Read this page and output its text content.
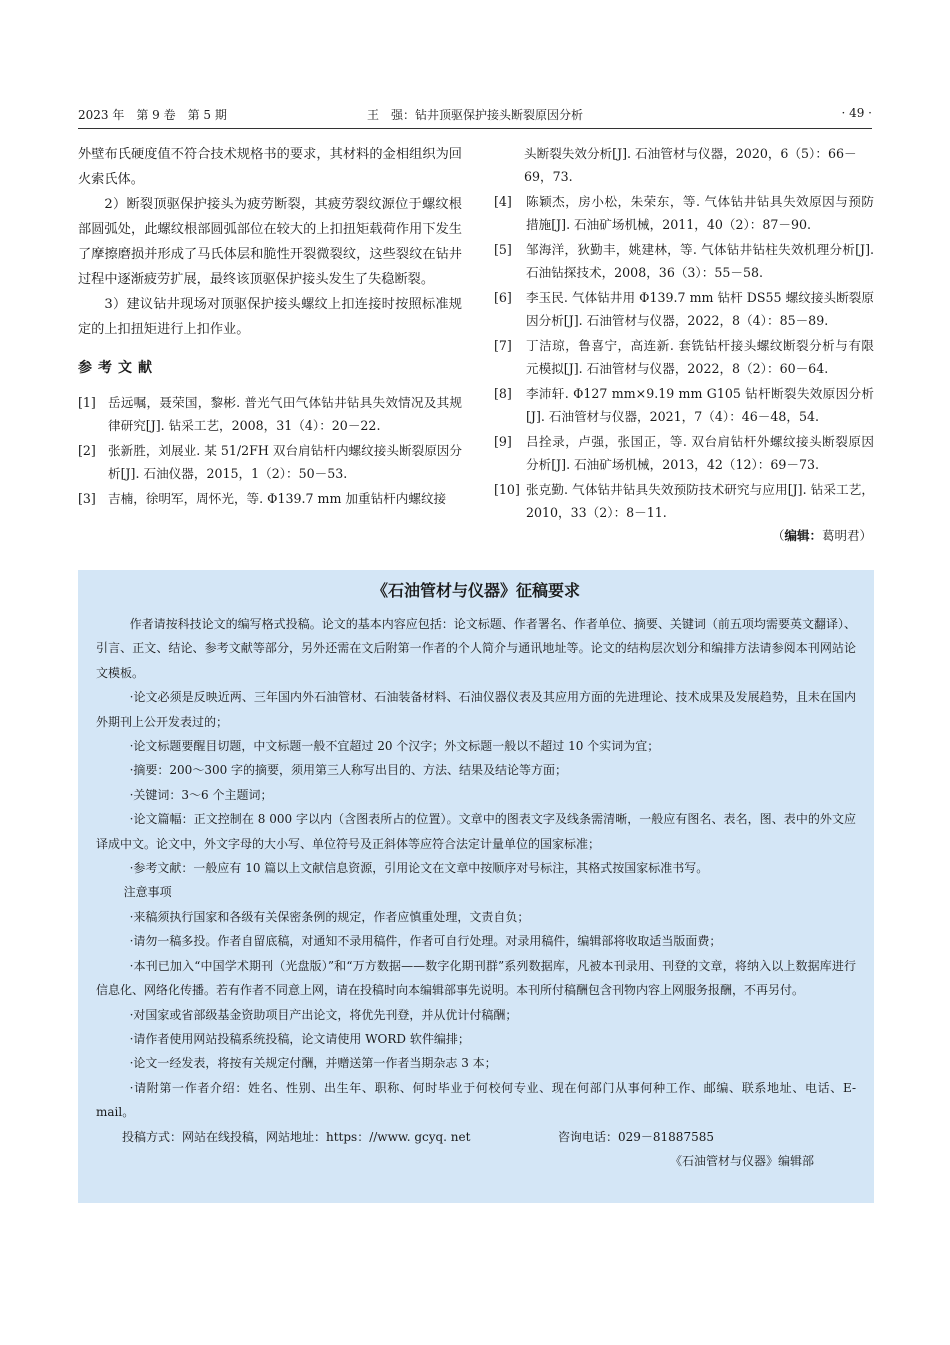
2023 年　第 9 卷　第 5 期	王　强：钻井顶驱保护接头断裂原因分析	· 49 ·

外壁布氏硬度值不符合技术规格书的要求，其材料的金相组织为回火索氏体。

2）断裂顶驱保护接头为疲劳断裂，其疲劳裂纹源位于螺纹根部圆弧处，此螺纹根部圆弧部位在较大的上扣扭矩载荷作用下发生了摩擦磨损并形成了马氏体层和脆性开裂微裂纹，这些裂纹在钻井过程中逐渐疲劳扩展，最终该顶驱保护接头发生了失稳断裂。

3）建议钻井现场对顶驱保护接头螺纹上扣连接时按照标准规定的上扣扭矩进行上扣作业。

参考文献
[1] 岳远嘱，聂荣国，黎彬. 普光气田气体钻井钻具失效情况及其规律研究[J]. 钻采工艺，2008，31（4）：20－22.
[2] 张新胜，刘展业. 某 51/2FH 双台肩钻杆内螺纹接头断裂原因分析[J]. 石油仪器，2015，1（2）：50－53.
[3] 吉楠，徐明军，周怀光，等. Φ139.7 mm 加重钻杆内螺纹接
头断裂失效分析[J]. 石油管材与仪器，2020，6（5）：66－69，73.
[4] 陈颖杰，房小松，朱荣东，等. 气体钻井钻具失效原因与预防措施[J]. 石油矿场机械，2011，40（2）：87－90.
[5] 邹海洋，狄勤丰，姚建林，等. 气体钻井钻柱失效机理分析[J]. 石油钻探技术，2008，36（3）：55－58.
[6] 李玉民. 气体钻井用 Φ139.7 mm 钻杆 DS55 螺纹接头断裂原因分析[J]. 石油管材与仪器，2022，8（4）：85－89.
[7] 丁洁琼，鲁喜宁，高连新. 套铣钻杆接头螺纹断裂分析与有限元模拟[J]. 石油管材与仪器，2022，8（2）：60－64.
[8] 李沛轩. Φ127 mm×9.19 mm G105 钻杆断裂失效原因分析[J]. 石油管材与仪器，2021，7（4）：46－48，54.
[9] 吕拴录，卢强，张国正，等. 双台肩钻杆外螺纹接头断裂原因分析[J]. 石油矿场机械，2013，42（12）：69－73.
[10] 张克勤. 气体钻井钻具失效预防技术研究与应用[J]. 钻采工艺，2010，33（2）：8－11.
（编辑：葛明君）
《石油管材与仪器》征稿要求

作者请按科技论文的编写格式投稿。论文的基本内容应包括：论文标题、作者署名、作者单位、摘要、关键词（前五项均需要英文翻译）、引言、正文、结论、参考文献等部分，另外还需在文后附第一作者的个人简介与通讯地址等。论文的结构层次划分和编排方法请参阅本刊网站论文模板。

·论文必须是反映近两、三年国内外石油管材、石油装备材料、石油仪器仪表及其应用方面的先进理论、技术成果及发展趋势，且未在国内外期刊上公开发表过的；

·论文标题要醒目切题，中文标题一般不宜超过 20 个汉字；外文标题一般以不超过 10 个实词为宜；

·摘要：200～300 字的摘要，须用第三人称写出目的、方法、结果及结论等方面；

·关键词：3～6 个主题词；

·论文篇幅：正文控制在 8 000 字以内（含图表所占的位置）。文章中的图表文字及线条需清晰，一般应有图名、表名，图、表中的外文应译成中文。论文中，外文字母的大小写、单位符号及正斜体等应符合法定计量单位的国家标准；

·参考文献：一般应有 10 篇以上文献信息资源，引用论文在文章中按顺序对号标注，其格式按国家标准书写。

注意事项

·来稿须执行国家和各级有关保密条例的规定，作者应慎重处理，文责自负；

·请勿一稿多投。作者自留底稿，对通知不录用稿件，作者可自行处理。对录用稿件，编辑部将收取适当版面费；

·本刊已加入“中国学术期刊（光盘版）”和“万方数据——数字化期刊群”系列数据库，凡被本刊录用、刊登的文章，将纳入以上数据库进行信息化、网络化传播。若有作者不同意上网，请在投稿时向本编辑部事先说明。本刊所付稿酬包含刊物内容上网服务报酬，不再另付。

·对国家或省部级基金资助项目产出论文，将优先刊登，并从优计付稿酬；

·请作者使用网站投稿系统投稿，论文请使用 WORD 软件编排；

·论文一经发表，将按有关规定付酬，并赠送第一作者当期杂志 3 本；

·请附第一作者介绍：姓名、性别、出生年、职称、何时毕业于何校何专业、现在何部门从事何种工作、邮编、联系地址、电话、E-mail。

投稿方式：网站在线投稿，网站地址：https：//www. gcyq. net	咨询电话：029－81887585
《石油管材与仪器》编辑部
